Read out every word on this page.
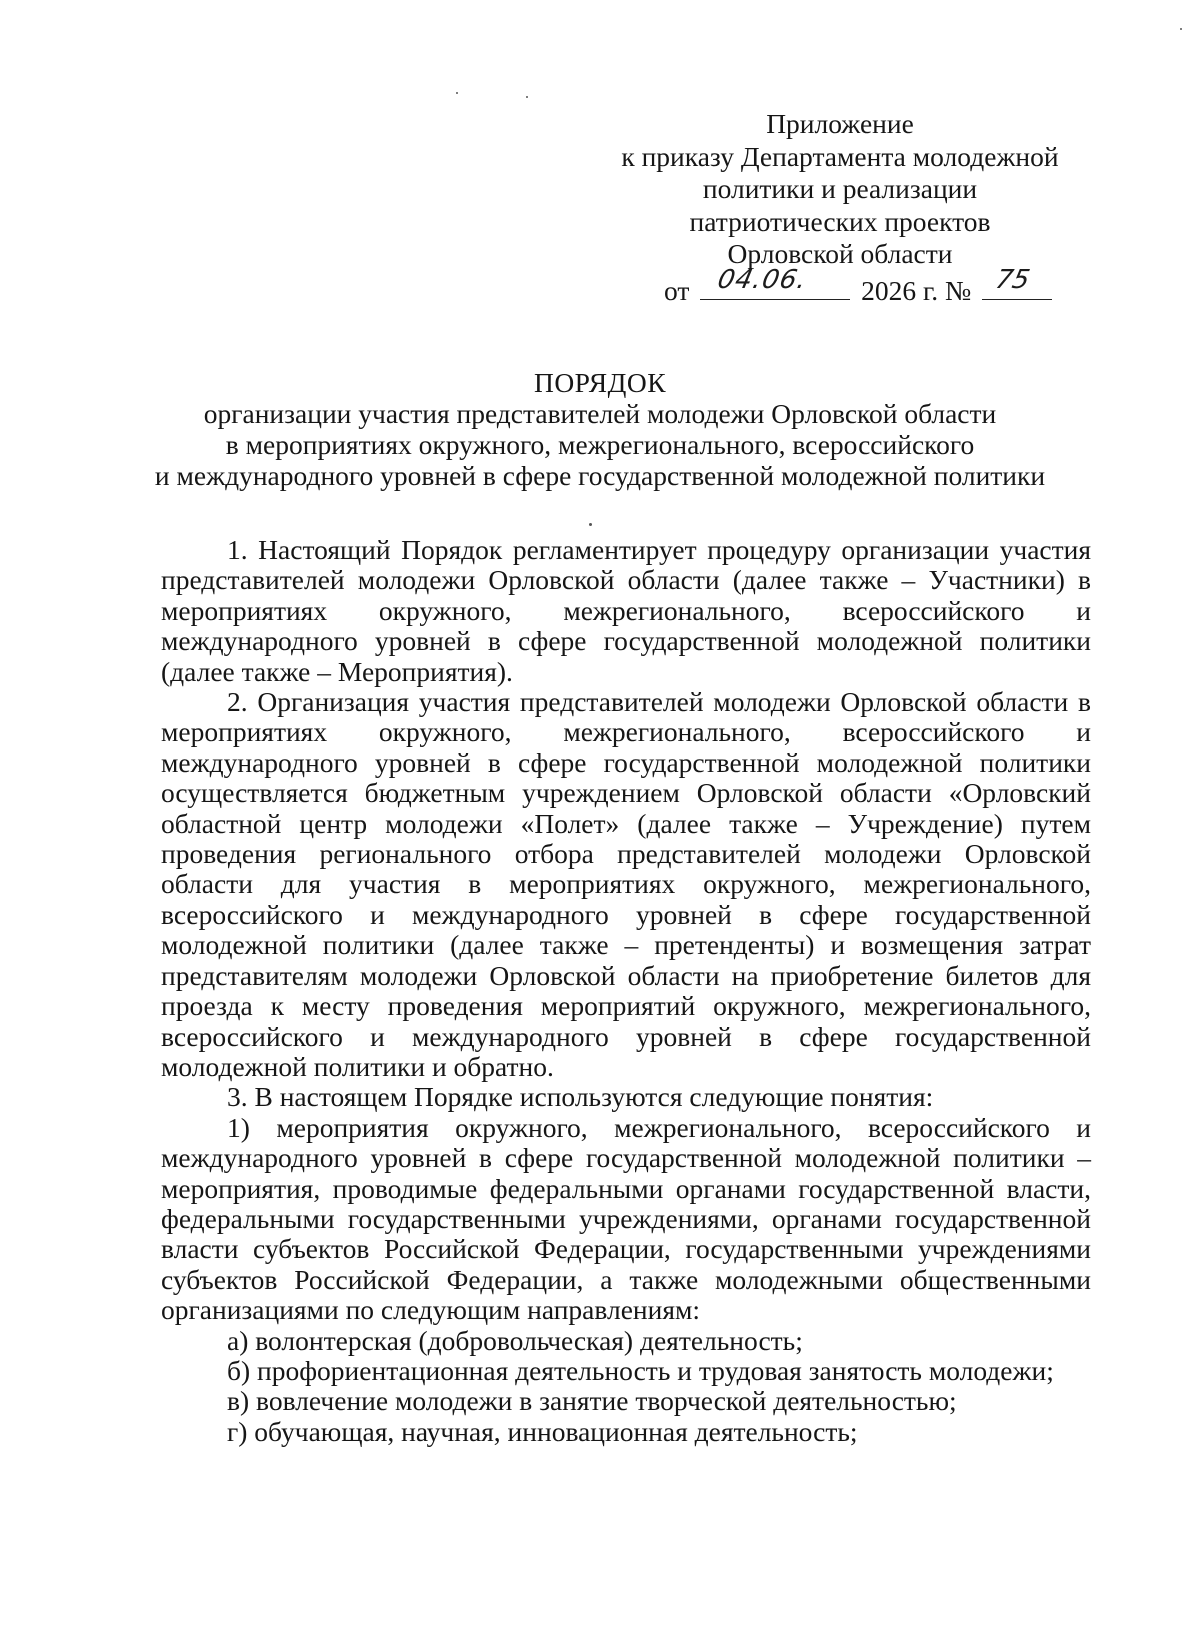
Приложение
к приказу Департамента молодежной
политики и реализации
патриотических проектов
Орловской области
от 04.06. 2026 г. № 75
ПОРЯДОК
организации участия представителей молодежи Орловской области
в мероприятиях окружного, межрегионального, всероссийского
и международного уровней в сфере государственной молодежной политики

1. Настоящий Порядок регламентирует процедуру организации участия представителей молодежи Орловской области (далее также – Участники) в мероприятиях окружного, межрегионального, всероссийского и международного уровней в сфере государственной молодежной политики (далее также – Мероприятия).

2. Организация участия представителей молодежи Орловской области в мероприятиях окружного, межрегионального, всероссийского и международного уровней в сфере государственной молодежной политики осуществляется бюджетным учреждением Орловской области «Орловский областной центр молодежи «Полет» (далее также – Учреждение) путем проведения регионального отбора представителей молодежи Орловской области для участия в мероприятиях окружного, межрегионального, всероссийского и международного уровней в сфере государственной молодежной политики (далее также – претенденты) и возмещения затрат представителям молодежи Орловской области на приобретение билетов для проезда к месту проведения мероприятий окружного, межрегионального, всероссийского и международного уровней в сфере государственной молодежной политики и обратно.

3. В настоящем Порядке используются следующие понятия:

1) мероприятия окружного, межрегионального, всероссийского и международного уровней в сфере государственной молодежной политики – мероприятия, проводимые федеральными органами государственной власти, федеральными государственными учреждениями, органами государственной власти субъектов Российской Федерации, государственными учреждениями субъектов Российской Федерации, а также молодежными общественными организациями по следующим направлениям:

а) волонтерская (добровольческая) деятельность;

б) профориентационная деятельность и трудовая занятость молодежи;

в) вовлечение молодежи в занятие творческой деятельностью;

г) обучающая, научная, инновационная деятельность;
